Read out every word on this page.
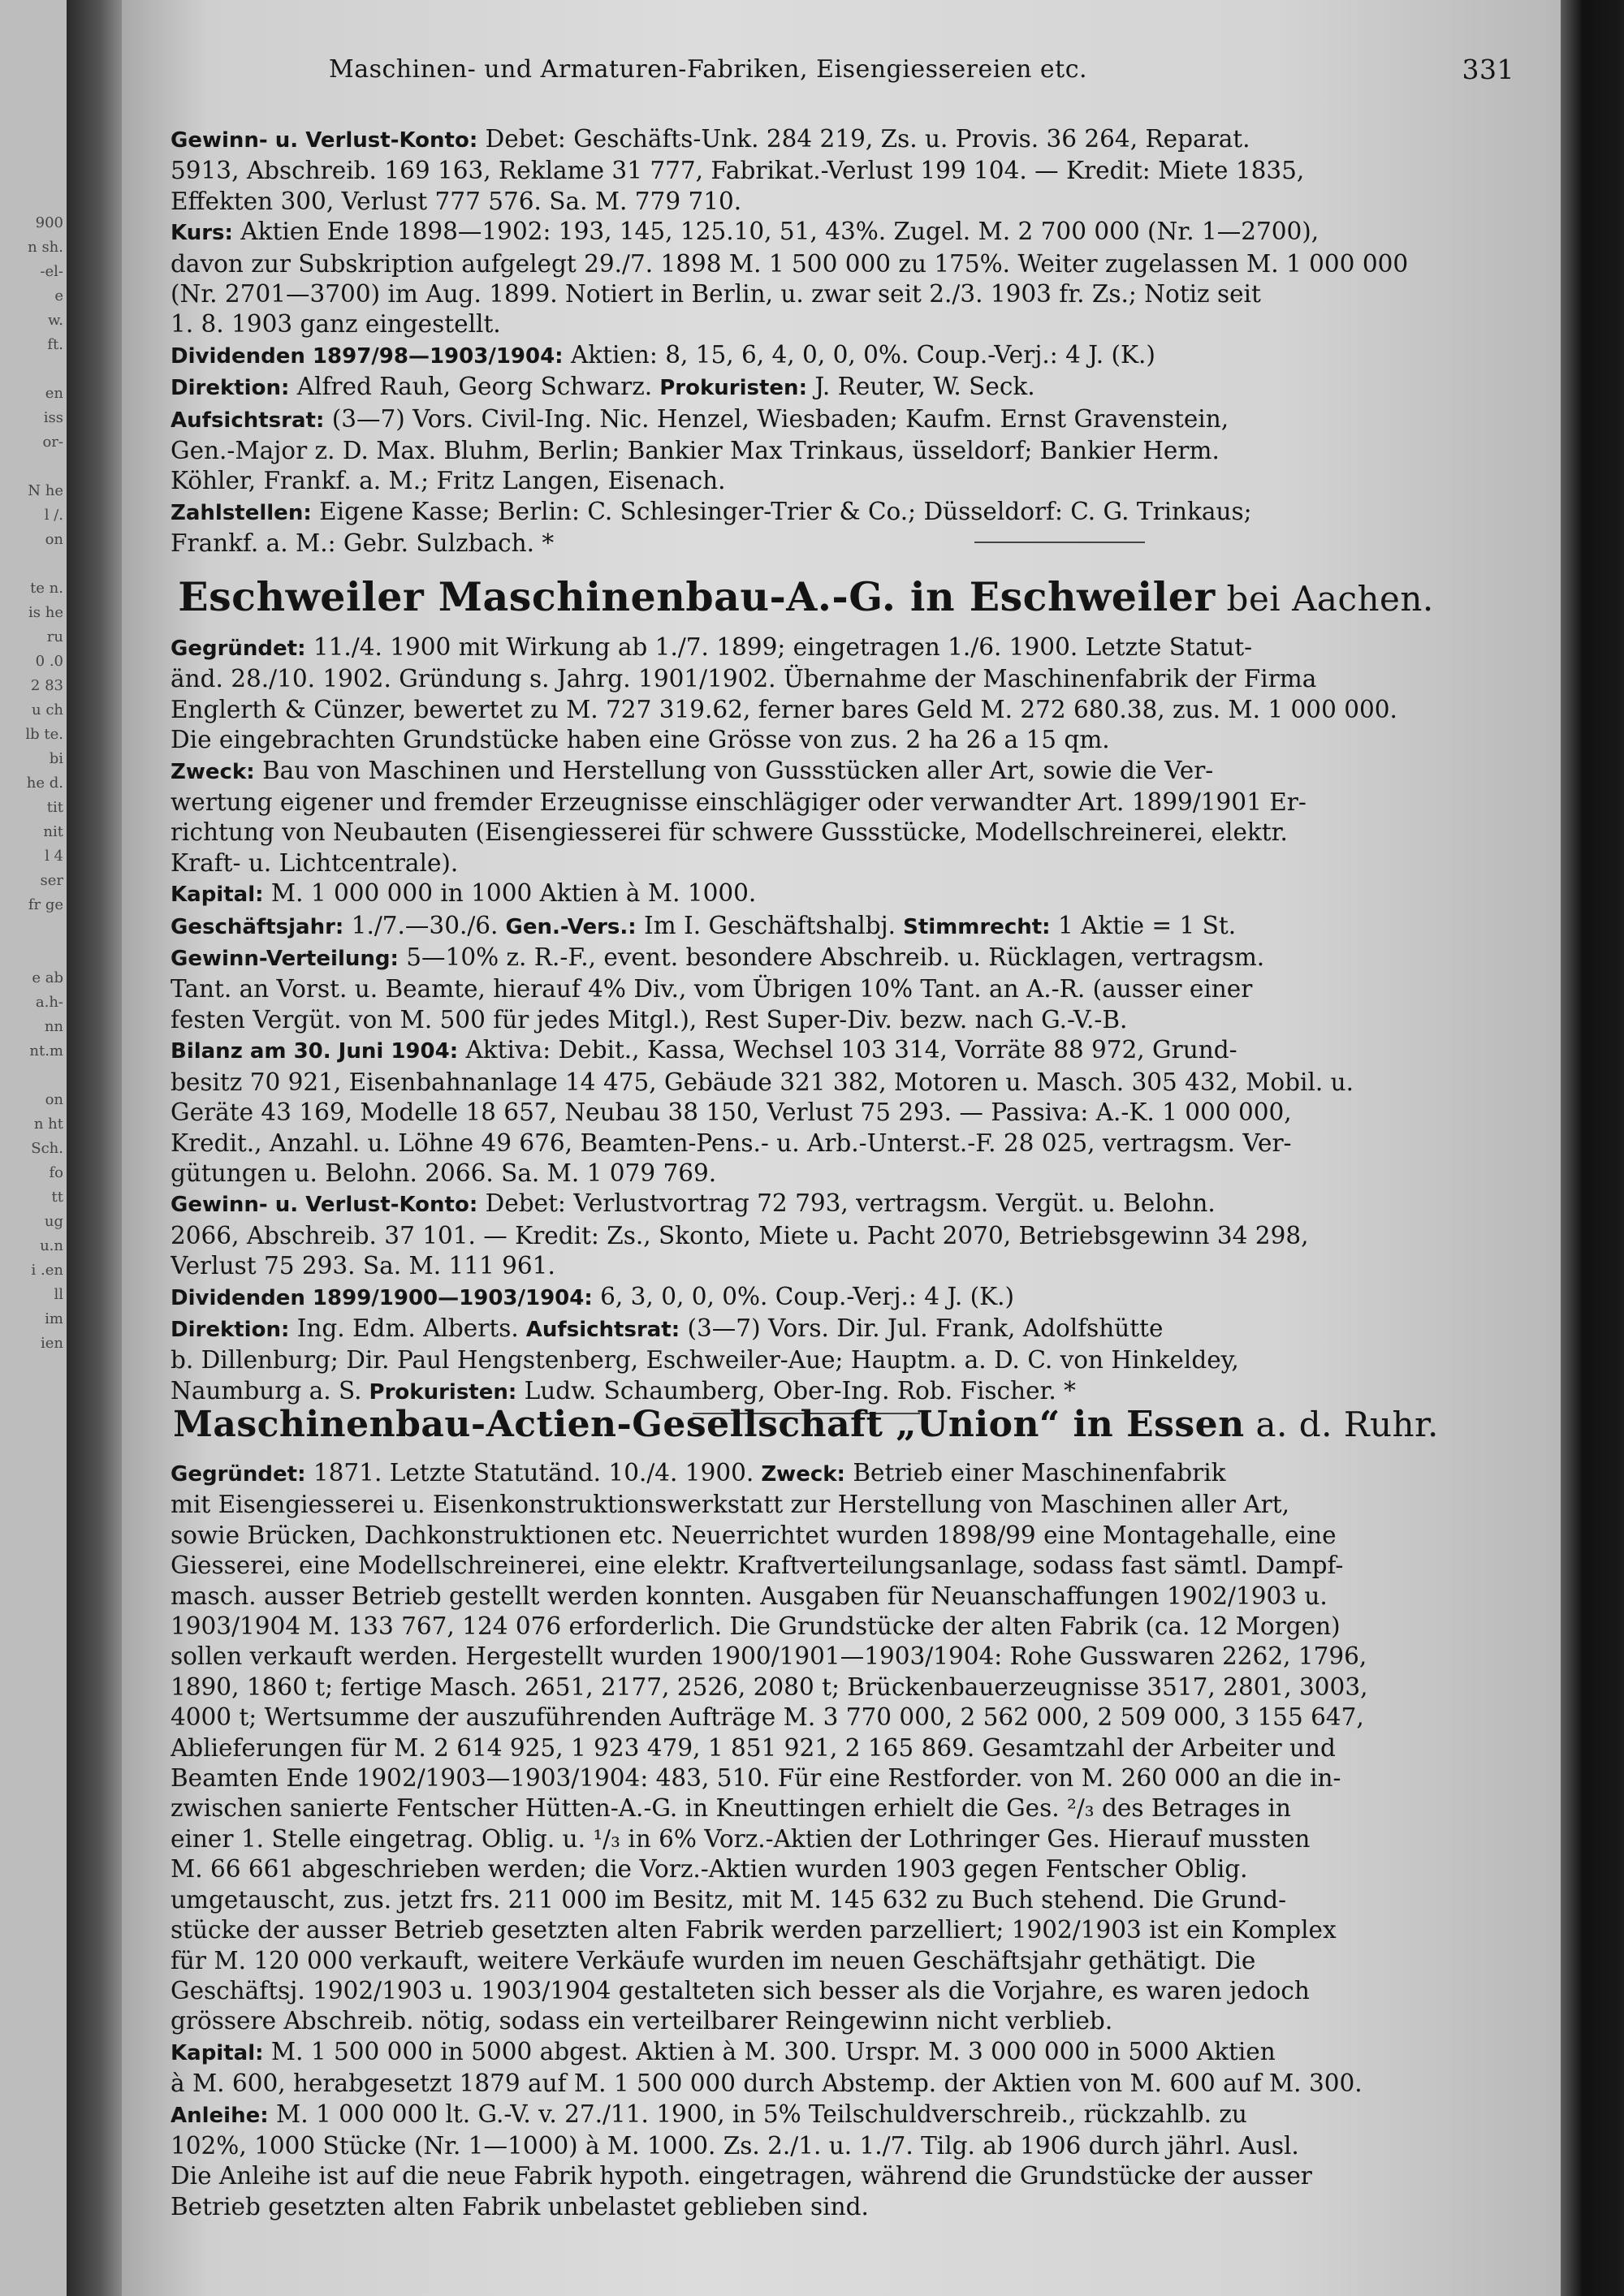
900
n sh.
-el-
e
w.
ft.
en
iss
or-
N he
l /.
on
te n.
is he
ru
0 .0
2 83
u ch
lb te.
bi
he d.
tit
nit
l 4
ser
fr ge
e ab
a.h-
nn
nt.m
on
n ht
Sch.
fo
tt
ug
u.n
i .en
ll
im
ien
Maschinen- und Armaturen-Fabriken, Eisengiessereien etc.	331
Gewinn- u. Verlust-Konto: Debet: Geschäfts-Unk. 284 219, Zs. u. Provis. 36 264, Reparat.
5913, Abschreib. 169 163, Reklame 31 777, Fabrikat.-Verlust 199 104. — Kredit: Miete 1835,
Effekten 300, Verlust 777 576. Sa. M. 779 710.
Kurs: Aktien Ende 1898—1902: 193, 145, 125.10, 51, 43%. Zugel. M. 2 700 000 (Nr. 1—2700),
davon zur Subskription aufgelegt 29./7. 1898 M. 1 500 000 zu 175%. Weiter zugelassen M. 1 000 000
(Nr. 2701—3700) im Aug. 1899. Notiert in Berlin, u. zwar seit 2./3. 1903 fr. Zs.; Notiz seit
1. 8. 1903 ganz eingestellt.
Dividenden 1897/98—1903/1904: Aktien: 8, 15, 6, 4, 0, 0, 0%. Coup.-Verj.: 4 J. (K.)
Direktion: Alfred Rauh, Georg Schwarz. Prokuristen: J. Reuter, W. Seck.
Aufsichtsrat: (3—7) Vors. Civil-Ing. Nic. Henzel, Wiesbaden; Kaufm. Ernst Gravenstein,
Gen.-Major z. D. Max. Bluhm, Berlin; Bankier Max Trinkaus, üsseldorf; Bankier Herm.
Köhler, Frankf. a. M.; Fritz Langen, Eisenach.
Zahlstellen: Eigene Kasse; Berlin: C. Schlesinger-Trier & Co.; Düsseldorf: C. G. Trinkaus;
Frankf. a. M.: Gebr. Sulzbach. *
Eschweiler Maschinenbau-A.-G. in Eschweiler bei Aachen.
Gegründet: 11./4. 1900 mit Wirkung ab 1./7. 1899; eingetragen 1./6. 1900. Letzte Statut-
änd. 28./10. 1902. Gründung s. Jahrg. 1901/1902. Übernahme der Maschinenfabrik der Firma
Englerth & Cünzer, bewertet zu M. 727 319.62, ferner bares Geld M. 272 680.38, zus. M. 1 000 000.
Die eingebrachten Grundstücke haben eine Grösse von zus. 2 ha 26 a 15 qm.
Zweck: Bau von Maschinen und Herstellung von Gussstücken aller Art, sowie die Ver-
wertung eigener und fremder Erzeugnisse einschlägiger oder verwandter Art. 1899/1901 Er-
richtung von Neubauten (Eisengiesserei für schwere Gussstücke, Modellschreinerei, elektr.
Kraft- u. Lichtcentrale).
Kapital: M. 1 000 000 in 1000 Aktien à M. 1000.
Geschäftsjahr: 1./7.—30./6. Gen.-Vers.: Im I. Geschäftshalbj. Stimmrecht: 1 Aktie = 1 St.
Gewinn-Verteilung: 5—10% z. R.-F., event. besondere Abschreib. u. Rücklagen, vertragsm.
Tant. an Vorst. u. Beamte, hierauf 4% Div., vom Übrigen 10% Tant. an A.-R. (ausser einer
festen Vergüt. von M. 500 für jedes Mitgl.), Rest Super-Div. bezw. nach G.-V.-B.
Bilanz am 30. Juni 1904: Aktiva: Debit., Kassa, Wechsel 103 314, Vorräte 88 972, Grund-
besitz 70 921, Eisenbahnanlage 14 475, Gebäude 321 382, Motoren u. Masch. 305 432, Mobil. u.
Geräte 43 169, Modelle 18 657, Neubau 38 150, Verlust 75 293. — Passiva: A.-K. 1 000 000,
Kredit., Anzahl. u. Löhne 49 676, Beamten-Pens.- u. Arb.-Unterst.-F. 28 025, vertragsm. Ver-
gütungen u. Belohn. 2066. Sa. M. 1 079 769.
Gewinn- u. Verlust-Konto: Debet: Verlustvortrag 72 793, vertragsm. Vergüt. u. Belohn.
2066, Abschreib. 37 101. — Kredit: Zs., Skonto, Miete u. Pacht 2070, Betriebsgewinn 34 298,
Verlust 75 293. Sa. M. 111 961.
Dividenden 1899/1900—1903/1904: 6, 3, 0, 0, 0%. Coup.-Verj.: 4 J. (K.)
Direktion: Ing. Edm. Alberts. Aufsichtsrat: (3—7) Vors. Dir. Jul. Frank, Adolfshütte
b. Dillenburg; Dir. Paul Hengstenberg, Eschweiler-Aue; Hauptm. a. D. C. von Hinkeldey,
Naumburg a. S. Prokuristen: Ludw. Schaumberg, Ober-Ing. Rob. Fischer. *
Maschinenbau-Actien-Gesellschaft „Union“ in Essen a. d. Ruhr.
Gegründet: 1871. Letzte Statutänd. 10./4. 1900. Zweck: Betrieb einer Maschinenfabrik
mit Eisengiesserei u. Eisenkonstruktionswerkstatt zur Herstellung von Maschinen aller Art,
sowie Brücken, Dachkonstruktionen etc. Neuerrichtet wurden 1898/99 eine Montagehalle, eine
Giesserei, eine Modellschreinerei, eine elektr. Kraftverteilungsanlage, sodass fast sämtl. Dampf-
masch. ausser Betrieb gestellt werden konnten. Ausgaben für Neuanschaffungen 1902/1903 u.
1903/1904 M. 133 767, 124 076 erforderlich. Die Grundstücke der alten Fabrik (ca. 12 Morgen)
sollen verkauft werden. Hergestellt wurden 1900/1901—1903/1904: Rohe Gusswaren 2262, 1796,
1890, 1860 t; fertige Masch. 2651, 2177, 2526, 2080 t; Brückenbauerzeugnisse 3517, 2801, 3003,
4000 t; Wertsumme der auszuführenden Aufträge M. 3 770 000, 2 562 000, 2 509 000, 3 155 647,
Ablieferungen für M. 2 614 925, 1 923 479, 1 851 921, 2 165 869. Gesamtzahl der Arbeiter und
Beamten Ende 1902/1903—1903/1904: 483, 510. Für eine Restforder. von M. 260 000 an die in-
zwischen sanierte Fentscher Hütten-A.-G. in Kneuttingen erhielt die Ges. ²/₃ des Betrages in
einer 1. Stelle eingetrag. Oblig. u. ¹/₃ in 6% Vorz.-Aktien der Lothringer Ges. Hierauf mussten
M. 66 661 abgeschrieben werden; die Vorz.-Aktien wurden 1903 gegen Fentscher Oblig.
umgetauscht, zus. jetzt frs. 211 000 im Besitz, mit M. 145 632 zu Buch stehend. Die Grund-
stücke der ausser Betrieb gesetzten alten Fabrik werden parzelliert; 1902/1903 ist ein Komplex
für M. 120 000 verkauft, weitere Verkäufe wurden im neuen Geschäftsjahr gethätigt. Die
Geschäftsj. 1902/1903 u. 1903/1904 gestalteten sich besser als die Vorjahre, es waren jedoch
grössere Abschreib. nötig, sodass ein verteilbarer Reingewinn nicht verblieb.
Kapital: M. 1 500 000 in 5000 abgest. Aktien à M. 300. Urspr. M. 3 000 000 in 5000 Aktien
à M. 600, herabgesetzt 1879 auf M. 1 500 000 durch Abstemp. der Aktien von M. 600 auf M. 300.
Anleihe: M. 1 000 000 lt. G.-V. v. 27./11. 1900, in 5% Teilschuldverschreib., rückzahlb. zu
102%, 1000 Stücke (Nr. 1—1000) à M. 1000. Zs. 2./1. u. 1./7. Tilg. ab 1906 durch jährl. Ausl.
Die Anleihe ist auf die neue Fabrik hypoth. eingetragen, während die Grundstücke der ausser
Betrieb gesetzten alten Fabrik unbelastet geblieben sind.
